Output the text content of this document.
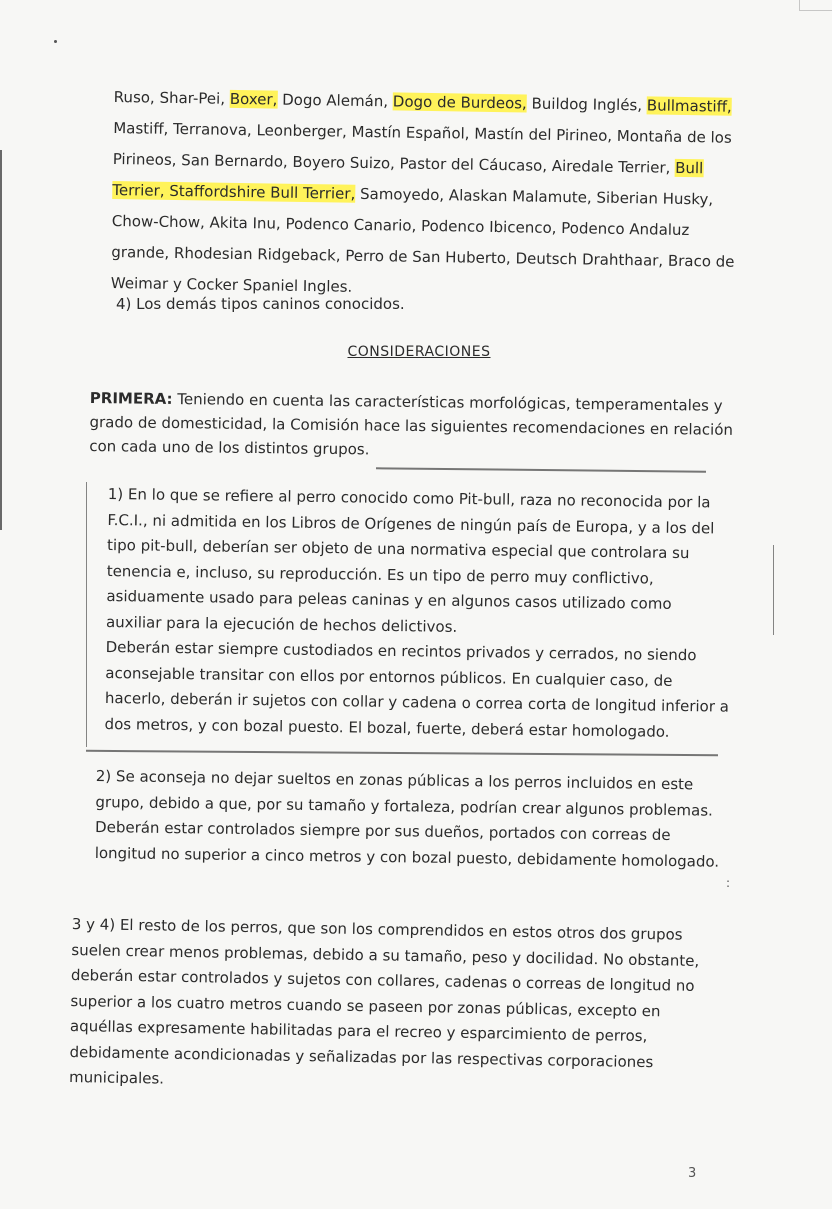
Ruso, Shar-Pei, Boxer, Dogo Alemán, Dogo de Burdeos, Buildog Inglés, Bullmastiff, Mastiff, Terranova, Leonberger, Mastín Español, Mastín del Pirineo, Montaña de los Pirineos, San Bernardo, Boyero Suizo, Pastor del Cáucaso, Airedale Terrier, Bull Terrier, Staffordshire Bull Terrier, Samoyedo, Alaskan Malamute, Siberian Husky, Chow-Chow, Akita Inu, Podenco Canario, Podenco Ibicenco, Podenco Andaluz grande, Rhodesian Ridgeback, Perro de San Huberto, Deutsch Drahthaar, Braco de Weimar y Cocker Spaniel Ingles.

4) Los demás tipos caninos conocidos.

CONSIDERACIONES

PRIMERA: Teniendo en cuenta las características morfológicas, temperamentales y grado de domesticidad, la Comisión hace las siguientes recomendaciones en relación con cada uno de los distintos grupos.

1) En lo que se refiere al perro conocido como Pit-bull, raza no reconocida por la F.C.I., ni admitida en los Libros de Orígenes de ningún país de Europa, y a los del tipo pit-bull, deberían ser objeto de una normativa especial que controlara su tenencia e, incluso, su reproducción. Es un tipo de perro muy conflictivo, asiduamente usado para peleas caninas y en algunos casos utilizado como auxiliar para la ejecución de hechos delictivos.
Deberán estar siempre custodiados en recintos privados y cerrados, no siendo aconsejable transitar con ellos por entornos públicos. En cualquier caso, de hacerlo, deberán ir sujetos con collar y cadena o correa corta de longitud inferior a dos metros, y con bozal puesto. El bozal, fuerte, deberá estar homologado.

2) Se aconseja no dejar sueltos en zonas públicas a los perros incluidos en este grupo, debido a que, por su tamaño y fortaleza, podrían crear algunos problemas. Deberán estar controlados siempre por sus dueños, portados con correas de longitud no superior a cinco metros y con bozal puesto, debidamente homologado.

:

3 y 4) El resto de los perros, que son los comprendidos en estos otros dos grupos suelen crear menos problemas, debido a su tamaño, peso y docilidad. No obstante, deberán estar controlados y sujetos con collares, cadenas o correas de longitud no superior a los cuatro metros cuando se paseen por zonas públicas, excepto en aquéllas expresamente habilitadas para el recreo y esparcimiento de perros, debidamente acondicionadas y señalizadas por las respectivas corporaciones municipales.

3
